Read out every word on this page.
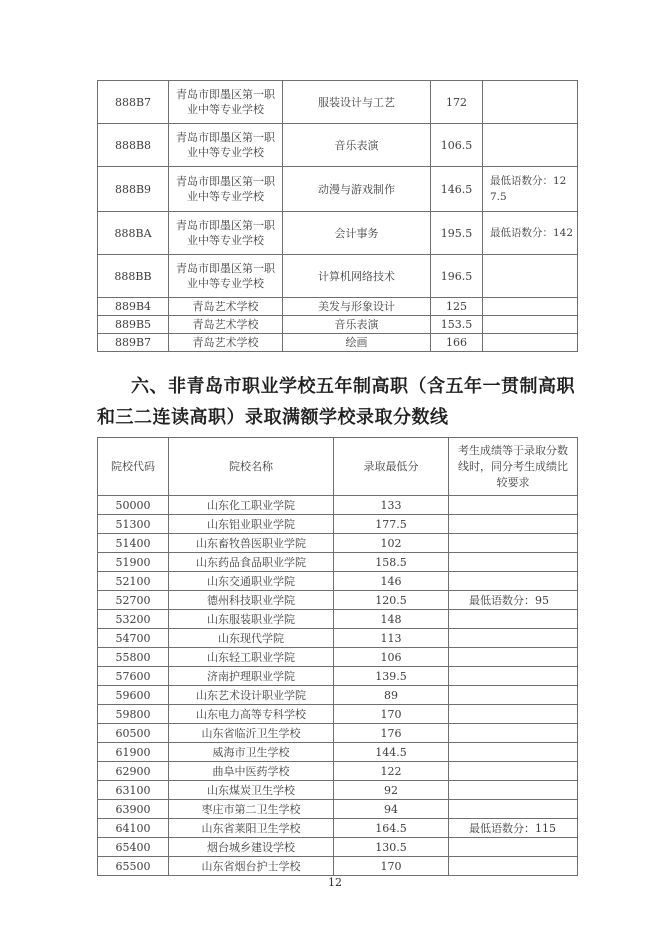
888B7	青岛市即墨区第一职业中等专业学校	服装设计与工艺	172	
888B8	青岛市即墨区第一职业中等专业学校	音乐表演	106.5	
888B9	青岛市即墨区第一职业中等专业学校	动漫与游戏制作	146.5	最低语数分：127.5
888BA	青岛市即墨区第一职业中等专业学校	会计事务	195.5	最低语数分：142
888BB	青岛市即墨区第一职业中等专业学校	计算机网络技术	196.5	
889B4	青岛艺术学校	美发与形象设计	125	
889B5	青岛艺术学校	音乐表演	153.5	
889B7	青岛艺术学校	绘画	166	
六、非青岛市职业学校五年制高职（含五年一贯制高职
和三二连读高职）录取满额学校录取分数线
院校代码	院校名称	录取最低分	考生成绩等于录取分数线时，同分考生成绩比较要求
50000	山东化工职业学院	133	
51300	山东铝业职业学院	177.5	
51400	山东畜牧兽医职业学院	102	
51900	山东药品食品职业学院	158.5	
52100	山东交通职业学院	146	
52700	德州科技职业学院	120.5	最低语数分：95
53200	山东服装职业学院	148	
54700	山东现代学院	113	
55800	山东轻工职业学院	106	
57600	济南护理职业学院	139.5	
59600	山东艺术设计职业学院	89	
59800	山东电力高等专科学校	170	
60500	山东省临沂卫生学校	176	
61900	威海市卫生学校	144.5	
62900	曲阜中医药学校	122	
63100	山东煤炭卫生学校	92	
63900	枣庄市第二卫生学校	94	
64100	山东省莱阳卫生学校	164.5	最低语数分：115
65400	烟台城乡建设学校	130.5	
65500	山东省烟台护士学校	170	
12
